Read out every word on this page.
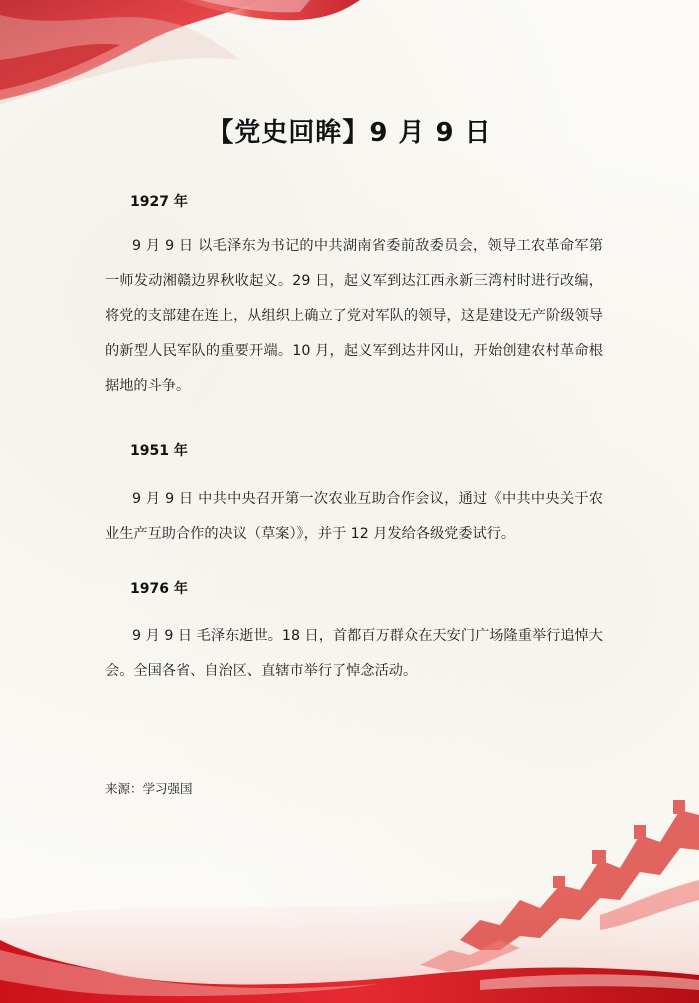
【党史回眸】9 月 9 日
1927 年

9 月 9 日 以毛泽东为书记的中共湖南省委前敌委员会，领导工农革命军第一师发动湘赣边界秋收起义。29 日，起义军到达江西永新三湾村时进行改编，将党的支部建在连上，从组织上确立了党对军队的领导，这是建设无产阶级领导的新型人民军队的重要开端。10 月，起义军到达井冈山，开始创建农村革命根据地的斗争。

1951 年

9 月 9 日 中共中央召开第一次农业互助合作会议，通过《中共中央关于农业生产互助合作的决议（草案）》，并于 12 月发给各级党委试行。

1976 年

9 月 9 日 毛泽东逝世。18 日，首都百万群众在天安门广场隆重举行追悼大会。全国各省、自治区、直辖市举行了悼念活动。

来源：学习强国
